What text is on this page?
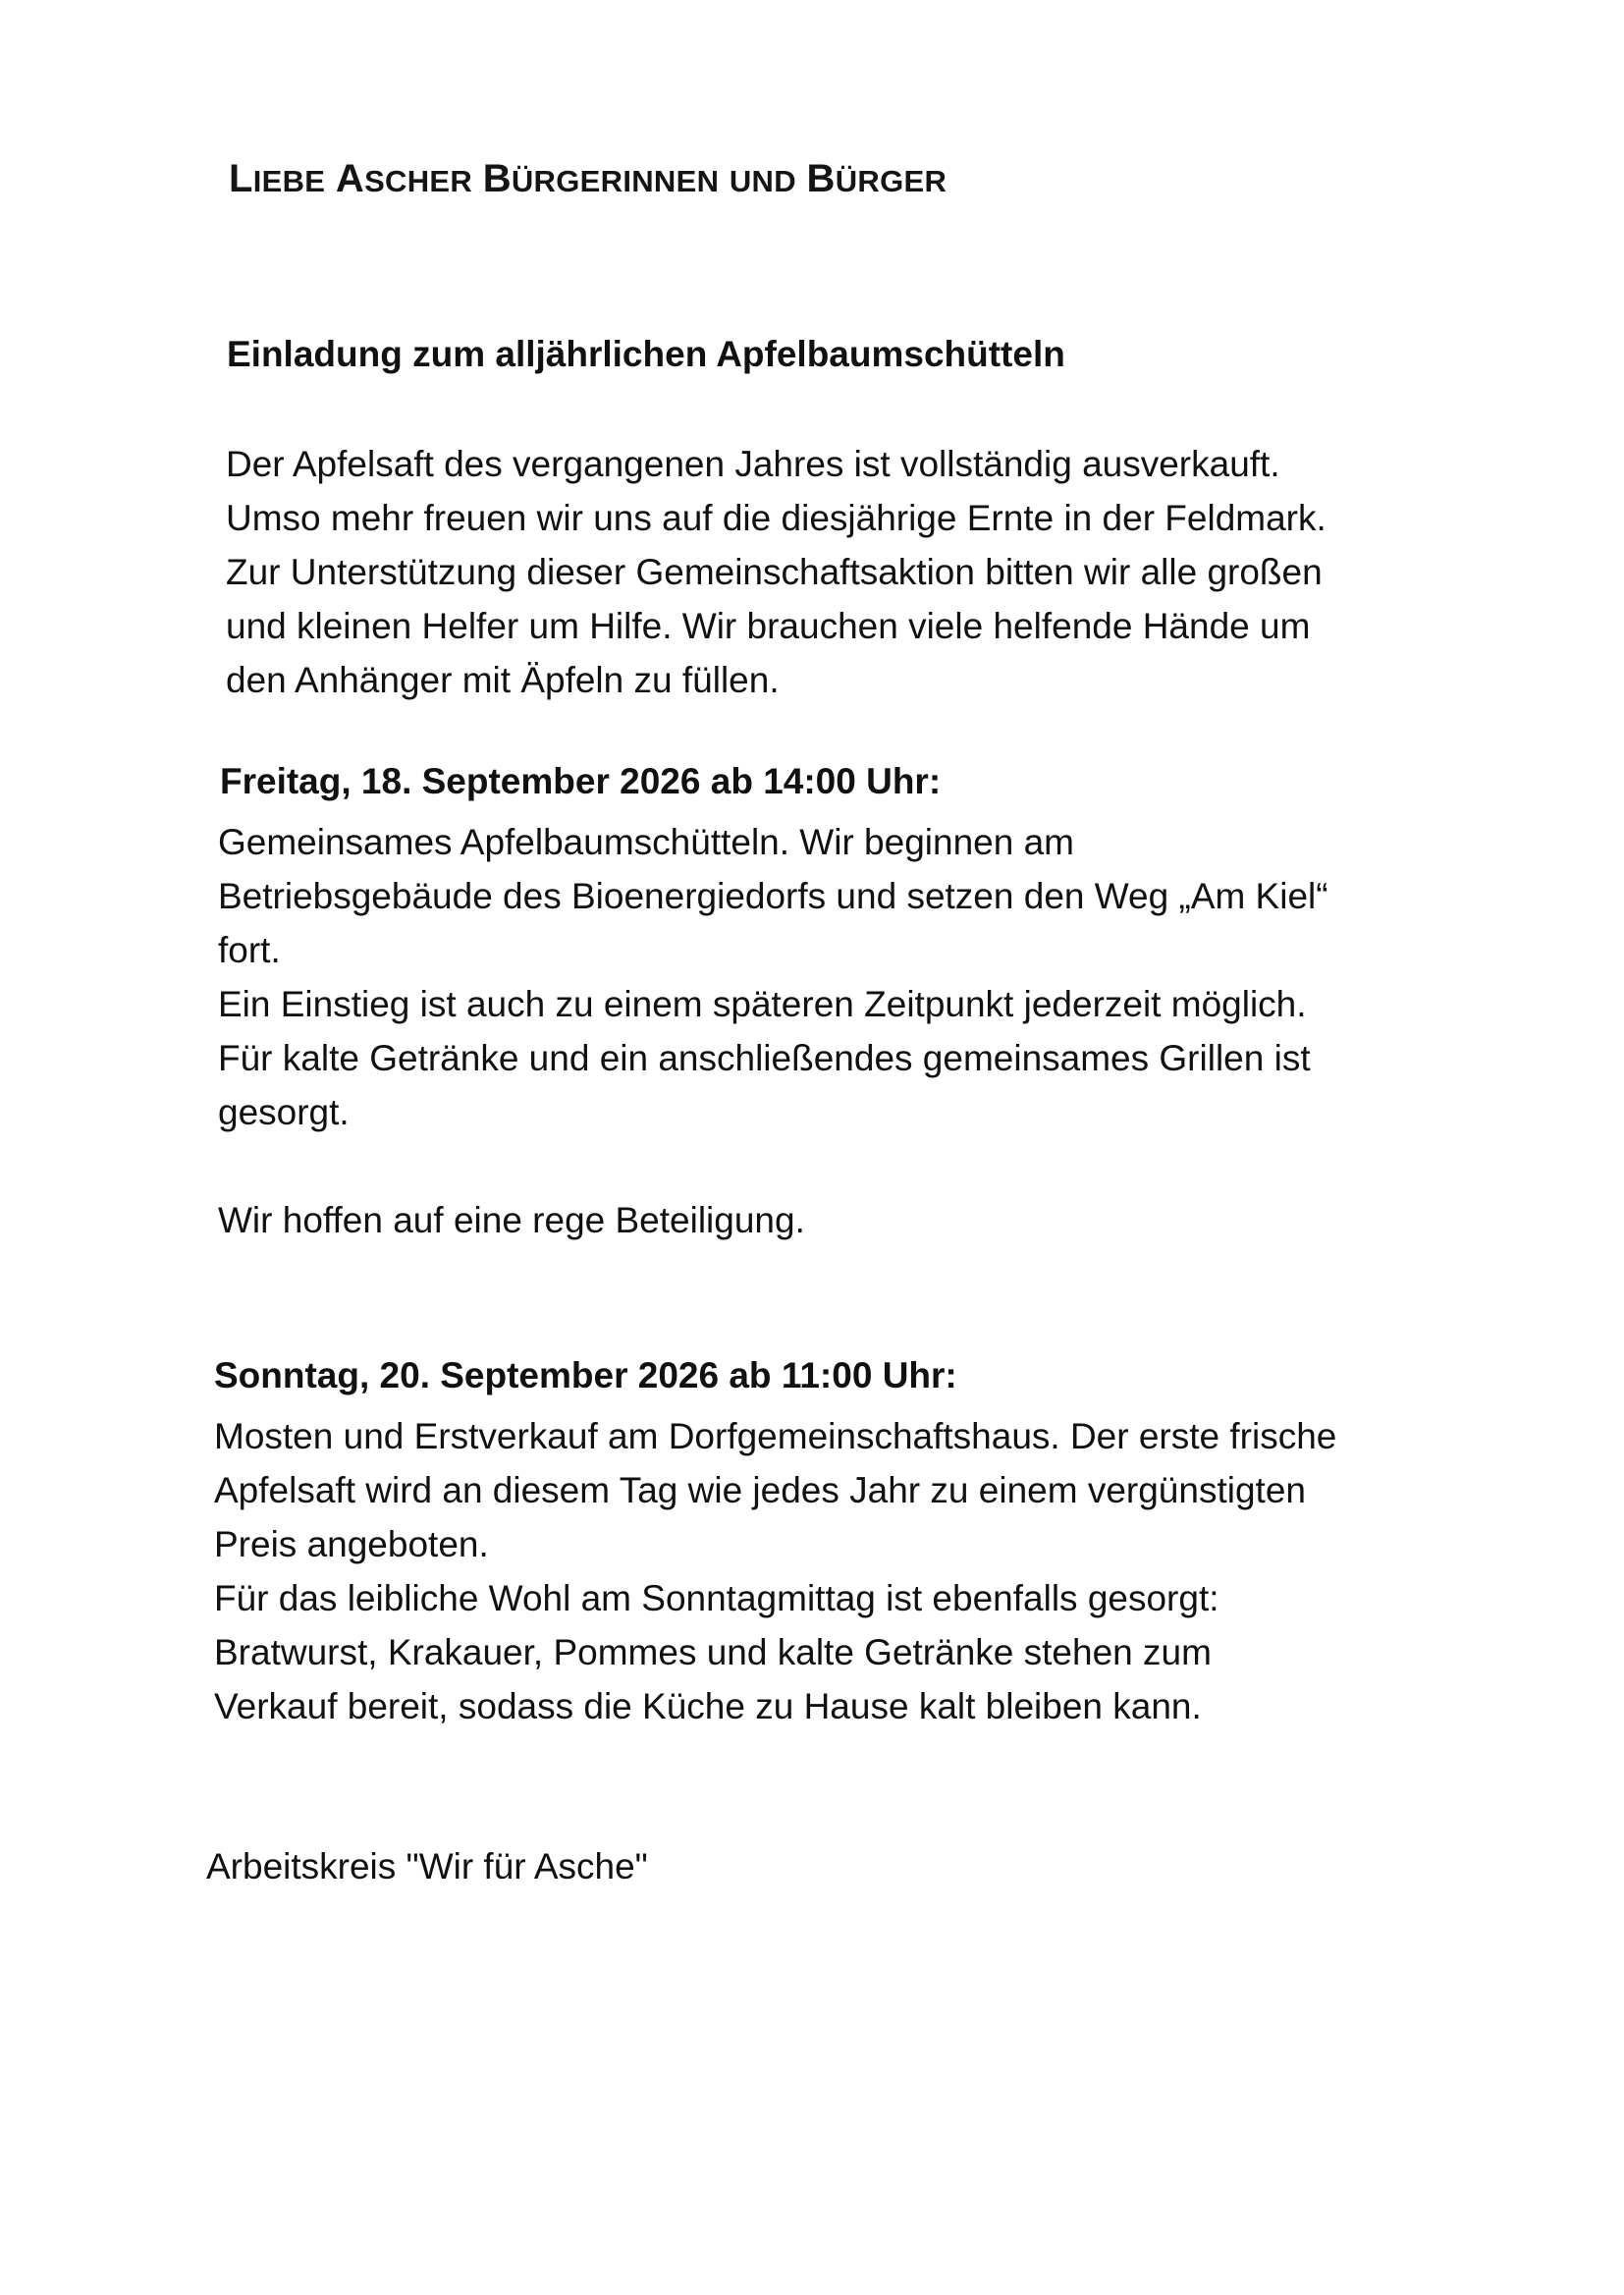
LIEBE ASCHER BÜRGERINNEN UND BÜRGER
Einladung zum alljährlichen Apfelbaumschütteln
Der Apfelsaft des vergangenen Jahres ist vollständig ausverkauft.
Umso mehr freuen wir uns auf die diesjährige Ernte in der Feldmark.
Zur Unterstützung dieser Gemeinschaftsaktion bitten wir alle großen
und kleinen Helfer um Hilfe. Wir brauchen viele helfende Hände um
den Anhänger mit Äpfeln zu füllen.
Freitag, 18. September 2026 ab 14:00 Uhr:
Gemeinsames Apfelbaumschütteln. Wir beginnen am
Betriebsgebäude des Bioenergiedorfs und setzen den Weg „Am Kiel“
fort.
Ein Einstieg ist auch zu einem späteren Zeitpunkt jederzeit möglich.
Für kalte Getränke und ein anschließendes gemeinsames Grillen ist
gesorgt.

Wir hoffen auf eine rege Beteiligung.

Sonntag, 20. September 2026 ab 11:00 Uhr:
Mosten und Erstverkauf am Dorfgemeinschaftshaus. Der erste frische
Apfelsaft wird an diesem Tag wie jedes Jahr zu einem vergünstigten
Preis angeboten.
Für das leibliche Wohl am Sonntagmittag ist ebenfalls gesorgt:
Bratwurst, Krakauer, Pommes und kalte Getränke stehen zum
Verkauf bereit, sodass die Küche zu Hause kalt bleiben kann.

Arbeitskreis "Wir für Asche"
